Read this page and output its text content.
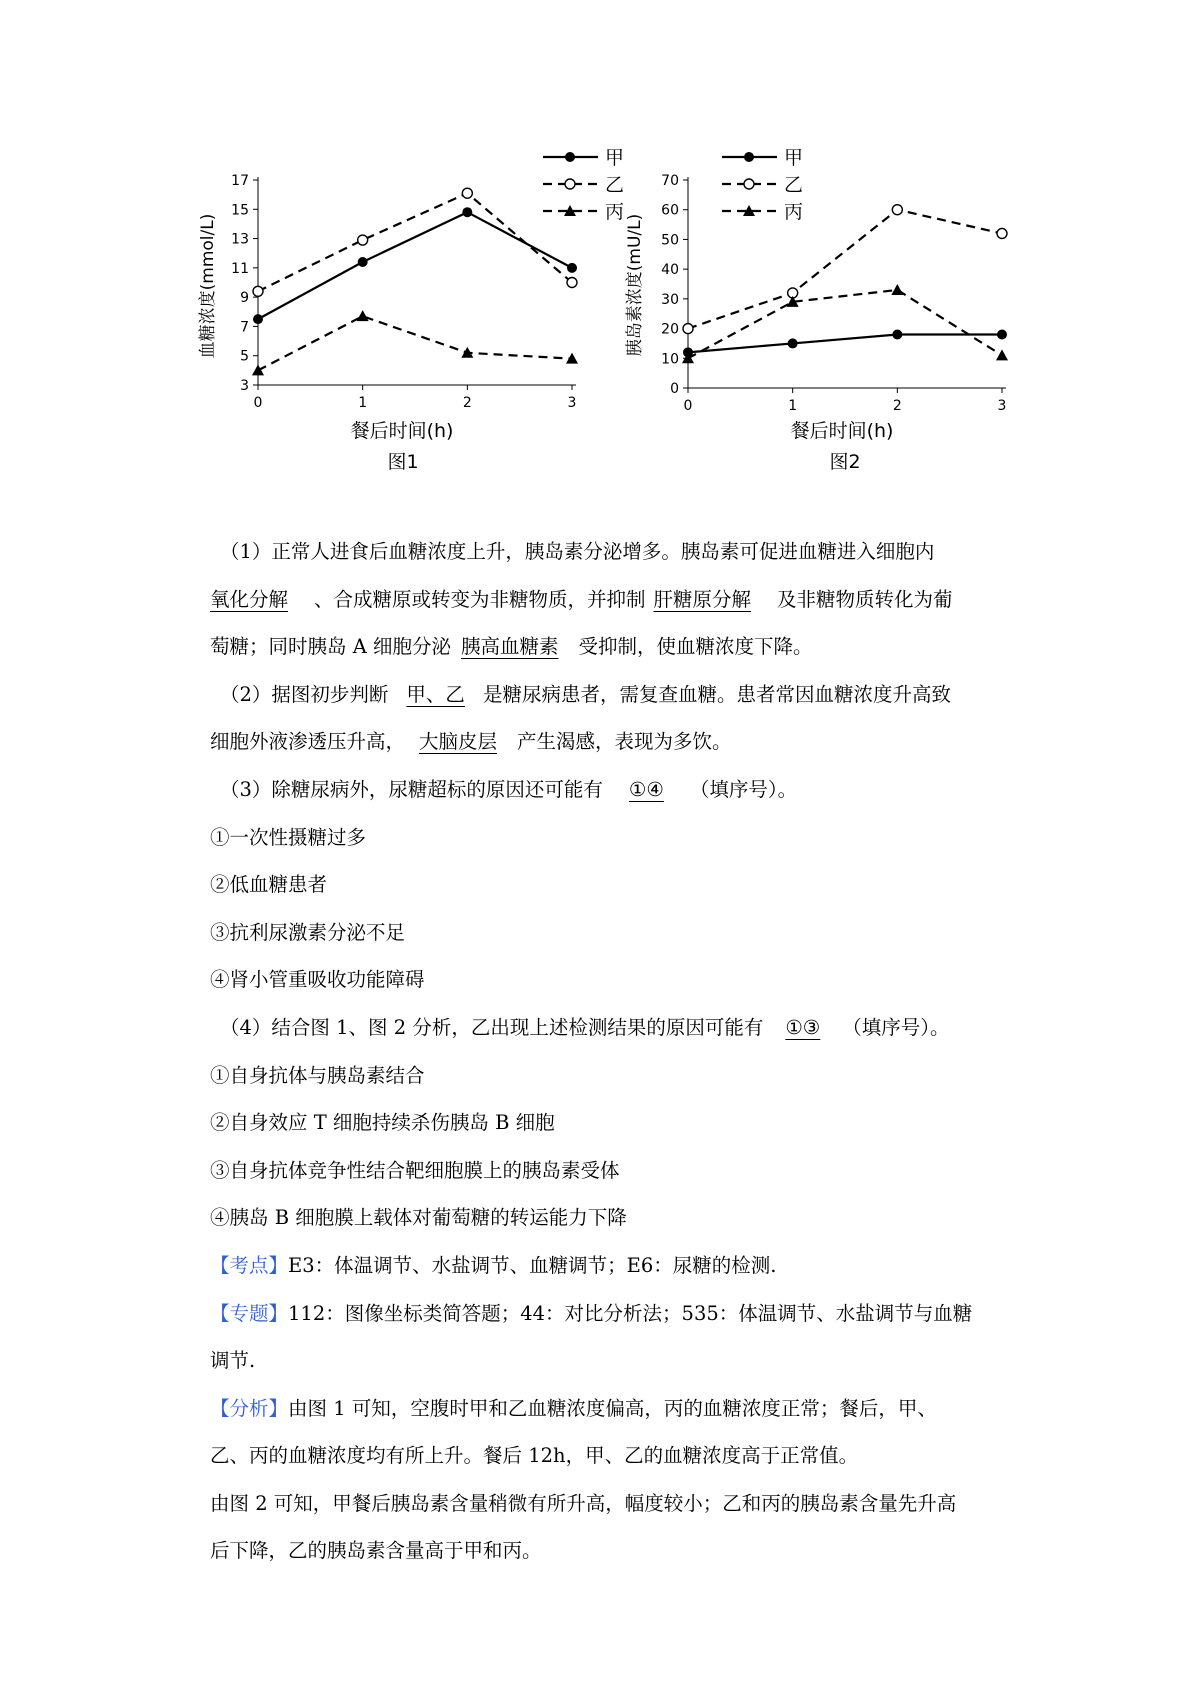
3
5
7
9
11
13
15
17
0	1	2	3
血糖浓度(mmol/L)
餐后时间(h)
图1
甲
乙
丙
0
10
20
30
40
50
60
70
0	1	2	3
胰岛素浓度(mU/L)
餐后时间(h)
图2
甲
乙
丙
（1）正常人进食后血糖浓度上升，胰岛素分泌增多。胰岛素可促进血糖进入细胞内
氧化分解 、合成糖原或转变为非糖物质，并抑制 肝糖原分解 及非糖物质转化为葡
萄糖；同时胰岛 A 细胞分泌 胰高血糖素 受抑制，使血糖浓度下降。
（2）据图初步判断 甲、乙 是糖尿病患者，需复查血糖。患者常因血糖浓度升高致
细胞外液渗透压升高， 大脑皮层 产生渴感，表现为多饮。
（3）除糖尿病外，尿糖超标的原因还可能有 ①④ （填序号）。
①一次性摄糖过多
②低血糖患者
③抗利尿激素分泌不足
④肾小管重吸收功能障碍
（4）结合图 1、图 2 分析，乙出现上述检测结果的原因可能有 ①③ （填序号）。
①自身抗体与胰岛素结合
②自身效应 T 细胞持续杀伤胰岛 B 细胞
③自身抗体竞争性结合靶细胞膜上的胰岛素受体
④胰岛 B 细胞膜上载体对葡萄糖的转运能力下降
【考点】E3：体温调节、水盐调节、血糖调节；E6：尿糖的检测.
【专题】112：图像坐标类简答题；44：对比分析法；535：体温调节、水盐调节与血糖
调节.
【分析】由图 1 可知，空腹时甲和乙血糖浓度偏高，丙的血糖浓度正常；餐后，甲、
乙、丙的血糖浓度均有所上升。餐后 12h，甲、乙的血糖浓度高于正常值。
由图 2 可知，甲餐后胰岛素含量稍微有所升高，幅度较小；乙和丙的胰岛素含量先升高
后下降，乙的胰岛素含量高于甲和丙。
